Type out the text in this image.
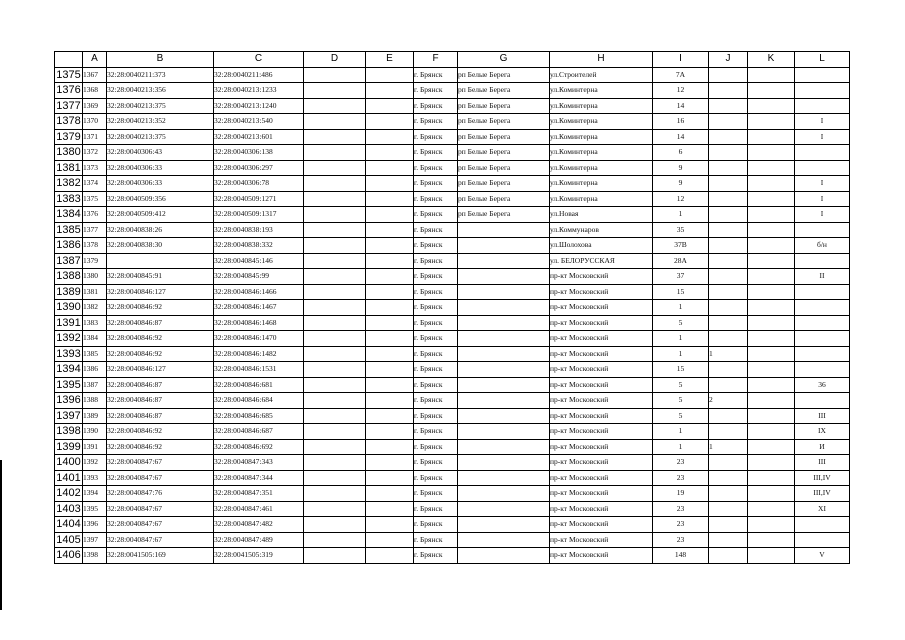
	A	B	C	D	E	F	G	H	I	J	K	L
1375	1367	32:28:0040211:373	32:28:0040211:486			г. Брянск	рп Белые Берега	ул.Строителей	7А			
1376	1368	32:28:0040213:356	32:28:0040213:1233			г. Брянск	рп Белые Берега	ул.Коминтерна	12			
1377	1369	32:28:0040213:375	32:28:0040213:1240			г. Брянск	рп Белые Берега	ул.Коминтерна	14			
1378	1370	32:28:0040213:352	32:28:0040213:540			г. Брянск	рп Белые Берега	ул.Коминтерна	16			I
1379	1371	32:28:0040213:375	32:28:0040213:601			г. Брянск	рп Белые Берега	ул.Коминтерна	14			I
1380	1372	32:28:0040306:43	32:28:0040306:138			г. Брянск	рп Белые Берега	ул.Коминтерна	6			
1381	1373	32:28:0040306:33	32:28:0040306:297			г. Брянск	рп Белые Берега	ул.Коминтерна	9			
1382	1374	32:28:0040306:33	32:28:0040306:78			г. Брянск	рп Белые Берега	ул.Коминтерна	9			I
1383	1375	32:28:0040509:356	32:28:0040509:1271			г. Брянск	рп Белые Берега	ул.Коминтерна	12			I
1384	1376	32:28:0040509:412	32:28:0040509:1317			г. Брянск	рп Белые Берега	ул.Новая	1			I
1385	1377	32:28:0040838:26	32:28:0040838:193			г. Брянск		ул.Коммунаров	35			
1386	1378	32:28:0040838:30	32:28:0040838:332			г. Брянск		ул.Шолохова	37В			б/н
1387	1379		32:28:0040845:146			г. Брянск		ул. БЕЛОРУССКАЯ	28А			
1388	1380	32:28:0040845:91	32:28:0040845:99			г. Брянск		пр-кт Московский	37			II
1389	1381	32:28:0040846:127	32:28:0040846:1466			г. Брянск		пр-кт Московский	15			
1390	1382	32:28:0040846:92	32:28:0040846:1467			г. Брянск		пр-кт Московский	1			
1391	1383	32:28:0040846:87	32:28:0040846:1468			г. Брянск		пр-кт Московский	5			
1392	1384	32:28:0040846:92	32:28:0040846:1470			г. Брянск		пр-кт Московский	1			
1393	1385	32:28:0040846:92	32:28:0040846:1482			г. Брянск		пр-кт Московский	1	1		
1394	1386	32:28:0040846:127	32:28:0040846:1531			г. Брянск		пр-кт Московский	15			
1395	1387	32:28:0040846:87	32:28:0040846:681			г. Брянск		пр-кт Московский	5			36
1396	1388	32:28:0040846:87	32:28:0040846:684			г. Брянск		пр-кт Московский	5	2		
1397	1389	32:28:0040846:87	32:28:0040846:685			г. Брянск		пр-кт Московский	5			III
1398	1390	32:28:0040846:92	32:28:0040846:687			г. Брянск		пр-кт Московский	1			IX
1399	1391	32:28:0040846:92	32:28:0040846:692			г. Брянск		пр-кт Московский	1	1		И
1400	1392	32:28:0040847:67	32:28:0040847:343			г. Брянск		пр-кт Московский	23			III
1401	1393	32:28:0040847:67	32:28:0040847:344			г. Брянск		пр-кт Московский	23			III,IV
1402	1394	32:28:0040847:76	32:28:0040847:351			г. Брянск		пр-кт Московский	19			III,IV
1403	1395	32:28:0040847:67	32:28:0040847:461			г. Брянск		пр-кт Московский	23			XI
1404	1396	32:28:0040847:67	32:28:0040847:482			г. Брянск		пр-кт Московский	23			
1405	1397	32:28:0040847:67	32:28:0040847:489			г. Брянск		пр-кт Московский	23			
1406	1398	32:28:0041505:169	32:28:0041505:319			г. Брянск		пр-кт Московский	148			V
